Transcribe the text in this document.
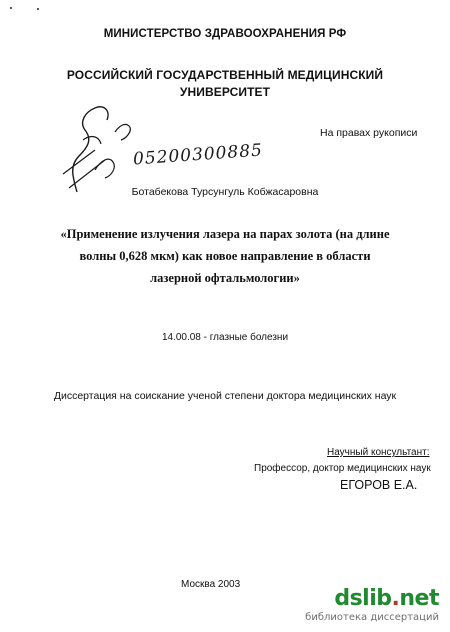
МИНИСТЕРСТВО ЗДРАВООХРАНЕНИЯ РФ
РОССИЙСКИЙ ГОСУДАРСТВЕННЫЙ МЕДИЦИНСКИЙ
УНИВЕРСИТЕТ
На правах рукописи
05200300885
Ботабекова Турсунгуль Кобжасаровна
«Применение излучения лазера на парах золота (на длине
волны 0,628 мкм) как новое направление в области
лазерной офтальмологии»
14.00.08 - глазные болезни
Диссертация на соискание ученой степени доктора медицинских наук
Научный консультант:
Профессор, доктор медицинских наук
ЕГОРОВ Е.А.
Москва 2003
dslib.net
библиотека диссертаций
